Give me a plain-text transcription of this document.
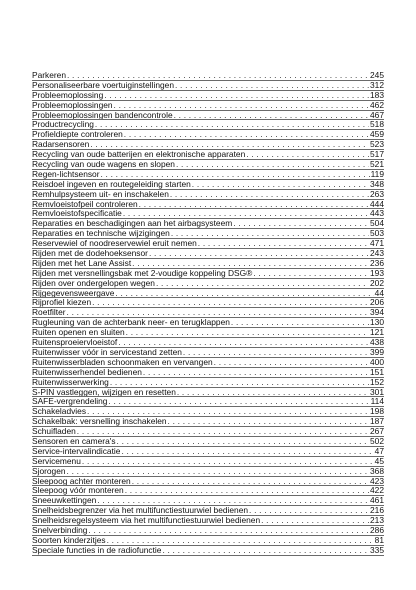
Parkeren . . .	245
Personaliseerbare voertuiginstellingen . . .	312
Probleemoplossing . . .	183
Probleemoplossingen . . .	462
Probleemoplossingen bandencontrole . . .	467
Productrecycling . . .	518
Profieldiepte controleren . . .	459
Radarsensoren . . .	523
Recycling van oude batterijen en elektronische apparaten . . .	517
Recycling van oude wagens en slopen . . .	521
Regen-lichtsensor . . .	119
Reisdoel ingeven en routegeleiding starten . . .	348
Remhulpsysteem uit- en inschakelen . . .	263
Remvloeistofpeil controleren . . .	444
Remvloeistofspecificatie . . .	443
Reparaties en beschadigingen aan het airbagsysteem . . .	504
Reparaties en technische wijzigingen . . .	503
Reservewiel of noodreservewiel eruit nemen . . .	471
Rijden met de dodehoeksensor . . .	243
Rijden met het Lane Assist . . .	236
Rijden met versnellingsbak met 2-voudige koppeling DSG® . . .	193
Rijden over ondergelopen wegen . . .	202
Rijgegevensweergave . . .	44
Rijprofiel kiezen . . .	206
Roetfilter . . .	394
Rugleuning van de achterbank neer- en terugklappen . . .	130
Ruiten openen en sluiten . . .	121
Ruitensproeiervloeistof . . .	438
Ruitenwisser vóór in servicestand zetten . . .	399
Ruitenwisserbladen schoonmaken en vervangen . . .	400
Ruitenwisserhendel bedienen . . .	151
Ruitenwisserwerking . . .	152
S-PIN vastleggen, wijzigen en resetten . . .	301
SAFE-vergrendeling . . .	114
Schakeladvies . . .	198
Schakelbak: versnelling inschakelen . . .	187
Schuifladen . . .	267
Sensoren en camera's . . .	502
Service-intervalindicatie . . .	47
Servicemenu . . .	45
Sjorogen . . .	368
Sleepoog achter monteren . . .	423
Sleepoog vóór monteren . . .	422
Sneeuwkettingen . . .	461
Snelheidsbegrenzer via het multifunctiestuurwiel bedienen . . .	216
Snelheidsregelsysteem via het multifunctiestuurwiel bedienen . . .	213
Snelverbinding . . .	286
Soorten kinderzitjes . . .	81
Speciale functies in de radiofunctie . . .	335
